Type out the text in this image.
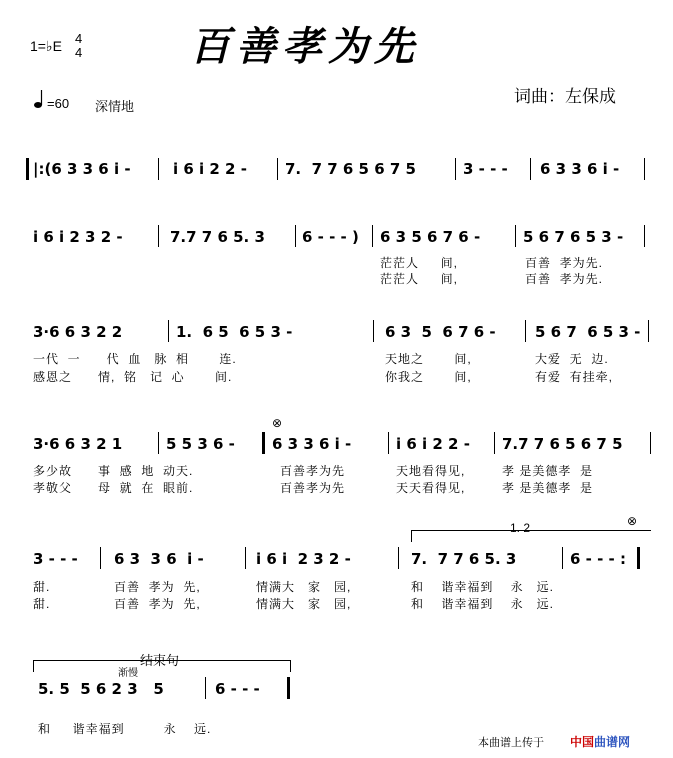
百善孝为先
1=♭E 4
4
=60 深情地
词曲：左保成
|:(6 3 3 6 i -	i 6 i 2 2 -	7.  7 7 6 5 6 7 5	3 - - - 6 3 3 6 i -
i 6 i 2 3 2 -	7.7 7 6 5. 3 6 - - - ) 6 3 5 6 7 6 -	5 6 7 6 5 3 -
茫茫人     间,	百善  孝为先.
茫茫人     间,	百善  孝为先.
3·6 6 3 2 2	1.  6 5  6 5 3 -	6 3  5  6 7 6 -	5 6 7  6 5 3 -
一代  一      代  血   脉  相       连.	天地之       间,	大爱  无  边.
感恩之      情,  铭   记  心       间.	你我之       间,	有爱  有挂牵,
⊗
3·6 6 3 2 1	5 5 3 6 - 6 3 3 6 i -	i 6 i 2 2 - 7.7 7 6 5 6 7 5
多少故      事  感  地  动天.	百善孝为先	天地看得见,	孝 是美德孝  是
孝敬父      母  就  在  眼前.	百善孝为先	天天看得见,	孝 是美德孝  是
1. 2	⊗
3 - - - 6 3  3 6  i -	i 6 i  2 3 2 -	7.  7 7 6 5. 3	6 - - - :
甜.	百善  孝为  先,	情满大   家   园,	和    谐幸福到    永   远.
甜.	百善  孝为  先,	情满大   家   园,	和    谐幸福到    永   远.
结束句
渐慢
5. 5  5 6 2 3   5	6 - - -
和     谐幸福到         永    远.
本曲谱上传于 中国曲谱网
